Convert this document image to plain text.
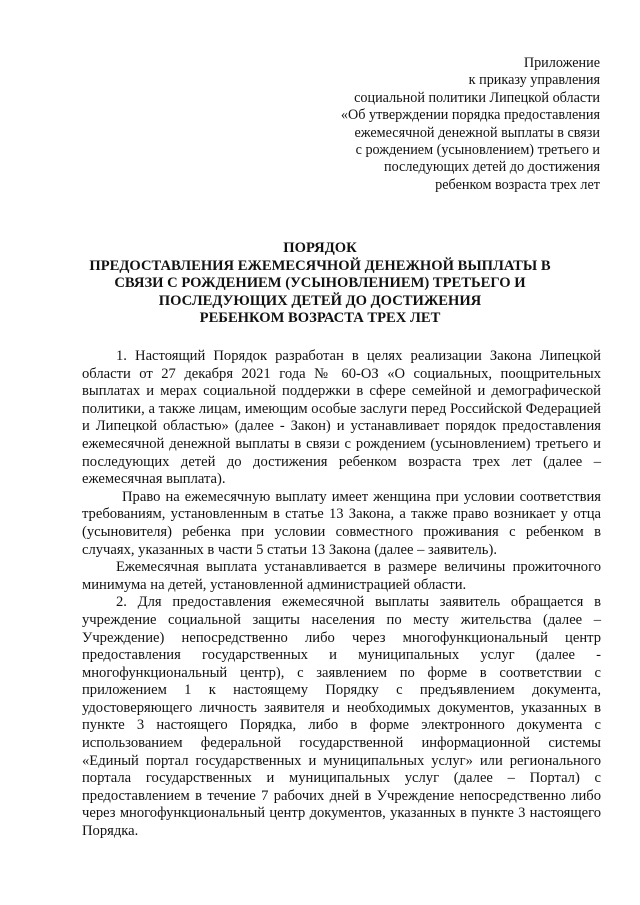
Приложение
к приказу управления
социальной политики Липецкой области
«Об утверждении порядка предоставления
ежемесячной денежной выплаты в связи
с рождением (усыновлением) третьего и
последующих детей до достижения
ребенком возраста трех лет
ПОРЯДОК
ПРЕДОСТАВЛЕНИЯ ЕЖЕМЕСЯЧНОЙ ДЕНЕЖНОЙ ВЫПЛАТЫ В
СВЯЗИ С РОЖДЕНИЕМ (УСЫНОВЛЕНИЕМ) ТРЕТЬЕГО И
ПОСЛЕДУЮЩИХ ДЕТЕЙ ДО ДОСТИЖЕНИЯ
РЕБЕНКОМ ВОЗРАСТА ТРЕХ ЛЕТ

1. Настоящий Порядок разработан в целях реализации Закона Липецкой области от 27 декабря 2021 года № 60-ОЗ «О социальных, поощрительных выплатах и мерах социальной поддержки в сфере семейной и демографической политики, а также лицам, имеющим особые заслуги перед Российской Федерацией и Липецкой областью» (далее - Закон) и устанавливает порядок предоставления ежемесячной денежной выплаты в связи с рождением (усыновлением) третьего и последующих детей до достижения ребенком возраста трех лет (далее – ежемесячная выплата).

Право на ежемесячную выплату имеет женщина при условии соответствия требованиям, установленным в статье 13 Закона, а также право возникает у отца (усыновителя) ребенка при условии совместного проживания с ребенком в случаях, указанных в части 5 статьи 13 Закона (далее – заявитель).

Ежемесячная выплата устанавливается в размере величины прожиточного минимума на детей, установленной администрацией области.

2. Для предоставления ежемесячной выплаты заявитель обращается в учреждение социальной защиты населения по месту жительства (далее – Учреждение) непосредственно либо через многофункциональный центр предоставления государственных и муниципальных услуг (далее - многофункциональный центр), с заявлением по форме в соответствии с приложением 1 к настоящему Порядку с предъявлением документа, удостоверяющего личность заявителя и необходимых документов, указанных в пункте 3 настоящего Порядка, либо в форме электронного документа с использованием федеральной государственной информационной системы «Единый портал государственных и муниципальных услуг» или регионального портала государственных и муниципальных услуг (далее – Портал) с предоставлением в течение 7 рабочих дней в Учреждение непосредственно либо через многофункциональный центр документов, указанных в пункте 3 настоящего Порядка.
